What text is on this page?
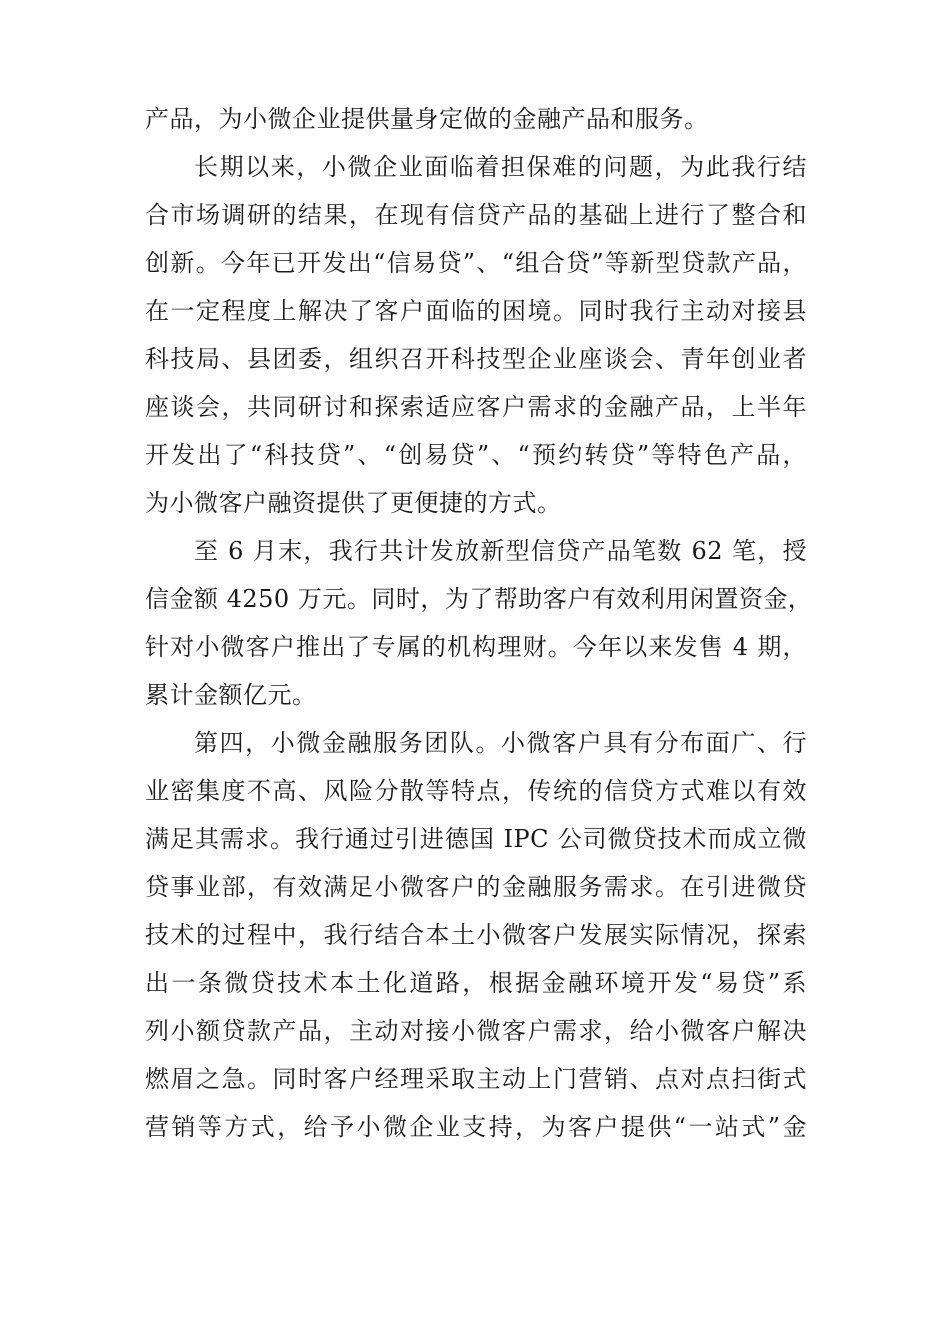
产品，为小微企业提供量身定做的金融产品和服务。
长期以来，小微企业面临着担保难的问题，为此我行结
合市场调研的结果，在现有信贷产品的基础上进行了整合和
创新。今年已开发出“信易贷”、“组合贷”等新型贷款产品，
在一定程度上解决了客户面临的困境。同时我行主动对接县
科技局、县团委，组织召开科技型企业座谈会、青年创业者
座谈会，共同研讨和探索适应客户需求的金融产品，上半年
开发出了“科技贷”、“创易贷”、“预约转贷”等特色产品，
为小微客户融资提供了更便捷的方式。
至 6 月末，我行共计发放新型信贷产品笔数 62 笔，授
信金额 4250 万元。同时，为了帮助客户有效利用闲置资金，
针对小微客户推出了专属的机构理财。今年以来发售 4 期，
累计金额亿元。
第四，小微金融服务团队。小微客户具有分布面广、行
业密集度不高、风险分散等特点，传统的信贷方式难以有效
满足其需求。我行通过引进德国 IPC 公司微贷技术而成立微
贷事业部，有效满足小微客户的金融服务需求。在引进微贷
技术的过程中，我行结合本土小微客户发展实际情况，探索
出一条微贷技术本土化道路，根据金融环境开发“易贷”系
列小额贷款产品，主动对接小微客户需求，给小微客户解决
燃眉之急。同时客户经理采取主动上门营销、点对点扫街式
营销等方式，给予小微企业支持，为客户提供“一站式”金
